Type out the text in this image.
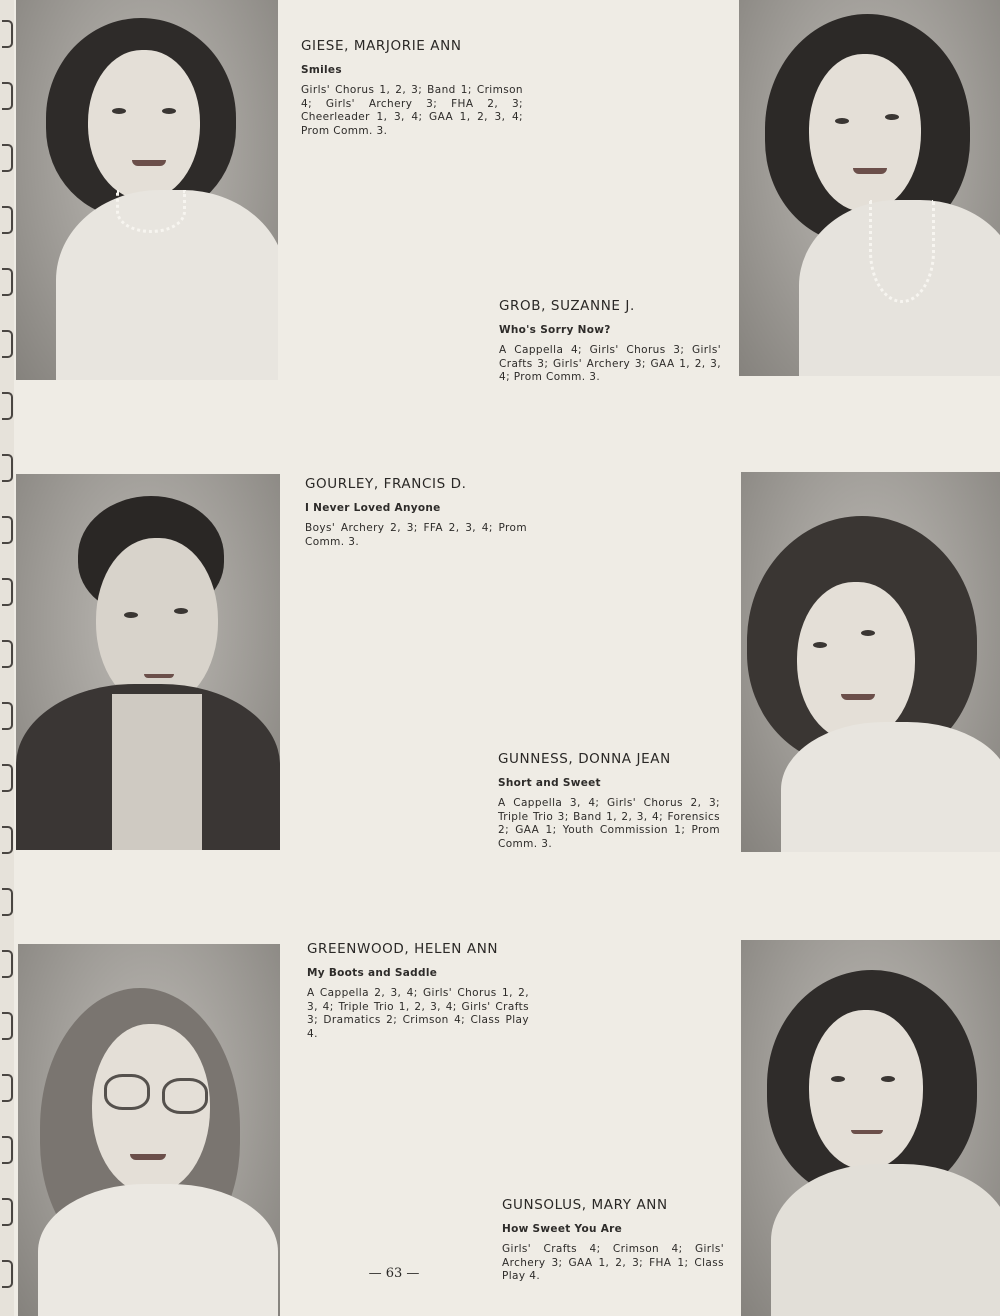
GIESE, MARJORIE ANN

Smiles

Girls' Chorus 1, 2, 3; Band 1; Crimson 4; Girls' Archery 3; FHA 2, 3; Cheerleader 1, 3, 4; GAA 1, 2, 3, 4; Prom Comm. 3.

GROB, SUZANNE J.

Who's Sorry Now?

A Cappella 4; Girls' Chorus 3; Girls' Crafts 3; Girls' Archery 3; GAA 1, 2, 3, 4; Prom Comm. 3.

GOURLEY, FRANCIS D.

I Never Loved Anyone

Boys' Archery 2, 3; FFA 2, 3, 4; Prom Comm. 3.

GUNNESS, DONNA JEAN

Short and Sweet

A Cappella 3, 4; Girls' Chorus 2, 3; Triple Trio 3; Band 1, 2, 3, 4; Forensics 2; GAA 1; Youth Commission 1; Prom Comm. 3.

GREENWOOD, HELEN ANN

My Boots and Saddle

A Cappella 2, 3, 4; Girls' Chorus 1, 2, 3, 4; Triple Trio 1, 2, 3, 4; Girls' Crafts 3; Dramatics 2; Crimson 4; Class Play 4.

GUNSOLUS, MARY ANN

How Sweet You Are

Girls' Crafts 4; Crimson 4; Girls' Archery 3; GAA 1, 2, 3; FHA 1; Class Play 4.

— 63 —
